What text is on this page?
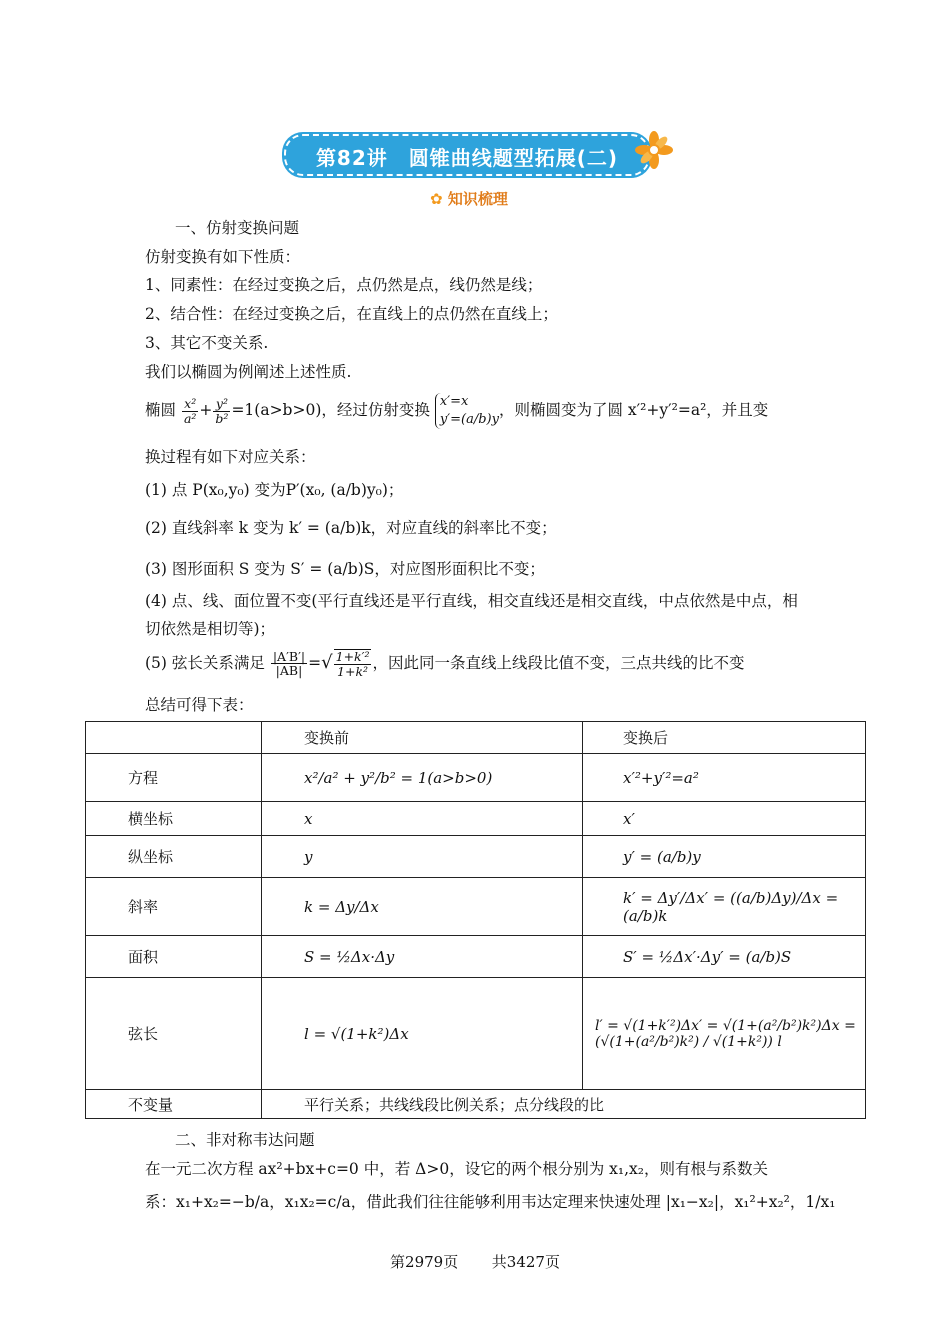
第82讲　圆锥曲线题型拓展(二)
✿ 知识梳理
一、仿射变换问题
仿射变换有如下性质：
1、同素性：在经过变换之后，点仍然是点，线仍然是线；
2、结合性：在经过变换之后，在直线上的点仍然在直线上；
3、其它不变关系.
我们以椭圆为例阐述上述性质.
椭圆 $\frac{\text{x²}}{\text{a²}} + \frac{\text{y²}}{\text{b²}} =1(a>b>0)$，经过仿射变换 x′=x
y′=(a/b)y，则椭圆变为了圆 x′²+y′²=a²，并且变
换过程有如下对应关系：
(1) 点 P(x₀,y₀) 变为P′(x₀, (a/b)y₀)；
(2) 直线斜率 k 变为 k′ = (a/b)k，对应直线的斜率比不变；
(3) 图形面积 S 变为 S′ = (a/b)S，对应图形面积比不变；
(4) 点、线、面位置不变(平行直线还是平行直线，相交直线还是相交直线，中点依然是中点，相
切依然是相切等)；
(5) 弦长关系满足 $\frac{|A'B'|}{|AB|}$ =√ $\frac{\text{1+k′²}}{\text{1+k²}}$ ，因此同一条直线上线段比值不变，三点共线的比不变
总结可得下表：
	变换前	变换后
方程	x²/a² + y²/b² = 1(a>b>0)	x′²+y′²=a²
横坐标	x	x′
纵坐标	y	y′ = (a/b)y
斜率	k = Δy/Δx	k′ = Δy′/Δx′ = ((a/b)Δy)/Δx = (a/b)k
面积	S = ½Δx·Δy	S′ = ½Δx′·Δy′ = (a/b)S
弦长	l = √(1+k²)Δx	l′ = √(1+k′²)Δx′ = √(1+(a²/b²)k²)Δx = (√(1+(a²/b²)k²) / √(1+k²)) l
不变量	平行关系；共线线段比例关系；点分线段的比	
二、非对称韦达问题
在一元二次方程 ax²+bx+c=0 中，若 Δ>0，设它的两个根分别为 x₁,x₂，则有根与系数关
系：x₁+x₂=−b/a，x₁x₂=c/a，借此我们往往能够利用韦达定理来快速处理 |x₁−x₂|，x₁²+x₂²，1/x₁
第2979页 共3427页
